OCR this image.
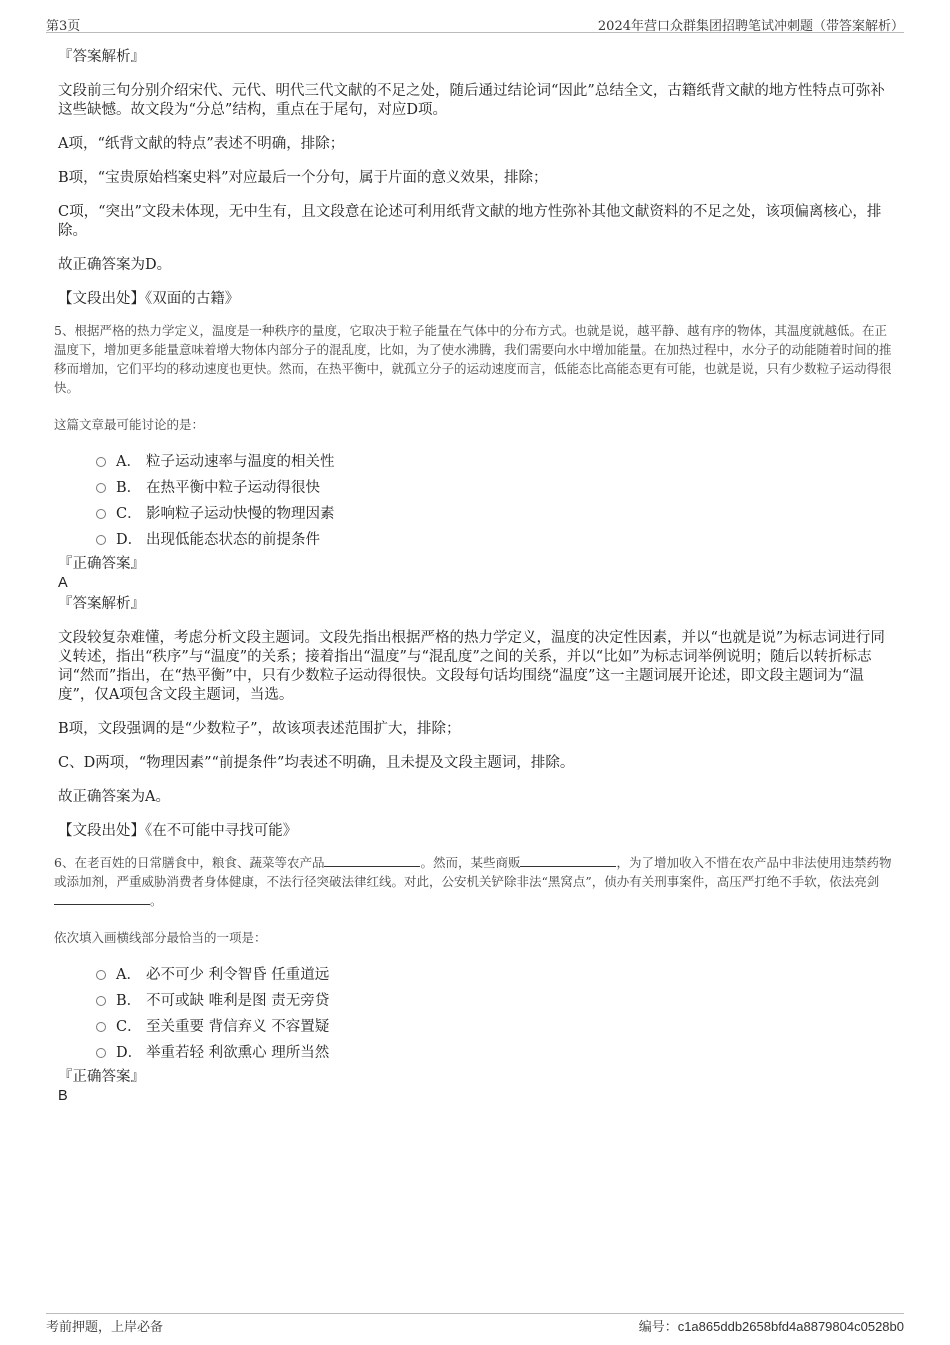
第3页	2024年营口众群集团招聘笔试冲刺题（带答案解析）
『答案解析』
文段前三句分别介绍宋代、元代、明代三代文献的不足之处，随后通过结论词“因此”总结全文，古籍纸背文献的地方性特点可弥补这些缺憾。故文段为“分总”结构，重点在于尾句，对应D项。
A项，“纸背文献的特点”表述不明确，排除；
B项，“宝贵原始档案史料”对应最后一个分句，属于片面的意义效果，排除；
C项，“突出”文段未体现，无中生有，且文段意在论述可利用纸背文献的地方性弥补其他文献资料的不足之处，该项偏离核心，排除。
故正确答案为D。
【文段出处】《双面的古籍》
5、根据严格的热力学定义，温度是一种秩序的量度，它取决于粒子能量在气体中的分布方式。也就是说，越平静、越有序的物体，其温度就越低。在正温度下，增加更多能量意味着增大物体内部分子的混乱度，比如，为了使水沸腾，我们需要向水中增加能量。在加热过程中，水分子的动能随着时间的推移而增加，它们平均的移动速度也更快。然而，在热平衡中，就孤立分子的运动速度而言，低能态比高能态更有可能，也就是说，只有少数粒子运动得很快。
这篇文章最可能讨论的是：
A． 粒子运动速率与温度的相关性
B． 在热平衡中粒子运动得很快
C． 影响粒子运动快慢的物理因素
D． 出现低能态状态的前提条件
『正确答案』
A
『答案解析』
文段较复杂难懂，考虑分析文段主题词。文段先指出根据严格的热力学定义，温度的决定性因素，并以“也就是说”为标志词进行同义转述，指出“秩序”与“温度”的关系；接着指出“温度”与“混乱度”之间的关系，并以“比如”为标志词举例说明；随后以转折标志词“然而”指出，在“热平衡”中，只有少数粒子运动得很快。文段每句话均围绕“温度”这一主题词展开论述，即文段主题词为“温度”，仅A项包含文段主题词，当选。
B项，文段强调的是“少数粒子”，故该项表述范围扩大，排除；
C、D两项，“物理因素”“前提条件”均表述不明确，且未提及文段主题词，排除。
故正确答案为A。
【文段出处】《在不可能中寻找可能》
6、在老百姓的日常膳食中，粮食、蔬菜等农产品	。然而，某些商贩	，为了增加收入不惜在农产品中非法使用违禁药物或添加剂，严重威胁消费者身体健康，不法行径突破法律红线。对此，公安机关铲除非法“黑窝点”，侦办有关刑事案件，高压严打绝不手软，依法亮剑。
依次填入画横线部分最恰当的一项是：
A． 必不可少 利令智昏 任重道远
B． 不可或缺 唯利是图 责无旁贷
C． 至关重要 背信弃义 不容置疑
D． 举重若轻 利欲熏心 理所当然
『正确答案』
B
考前押题，上岸必备	编号：c1a865ddb2658bfd4a8879804c0528b0
